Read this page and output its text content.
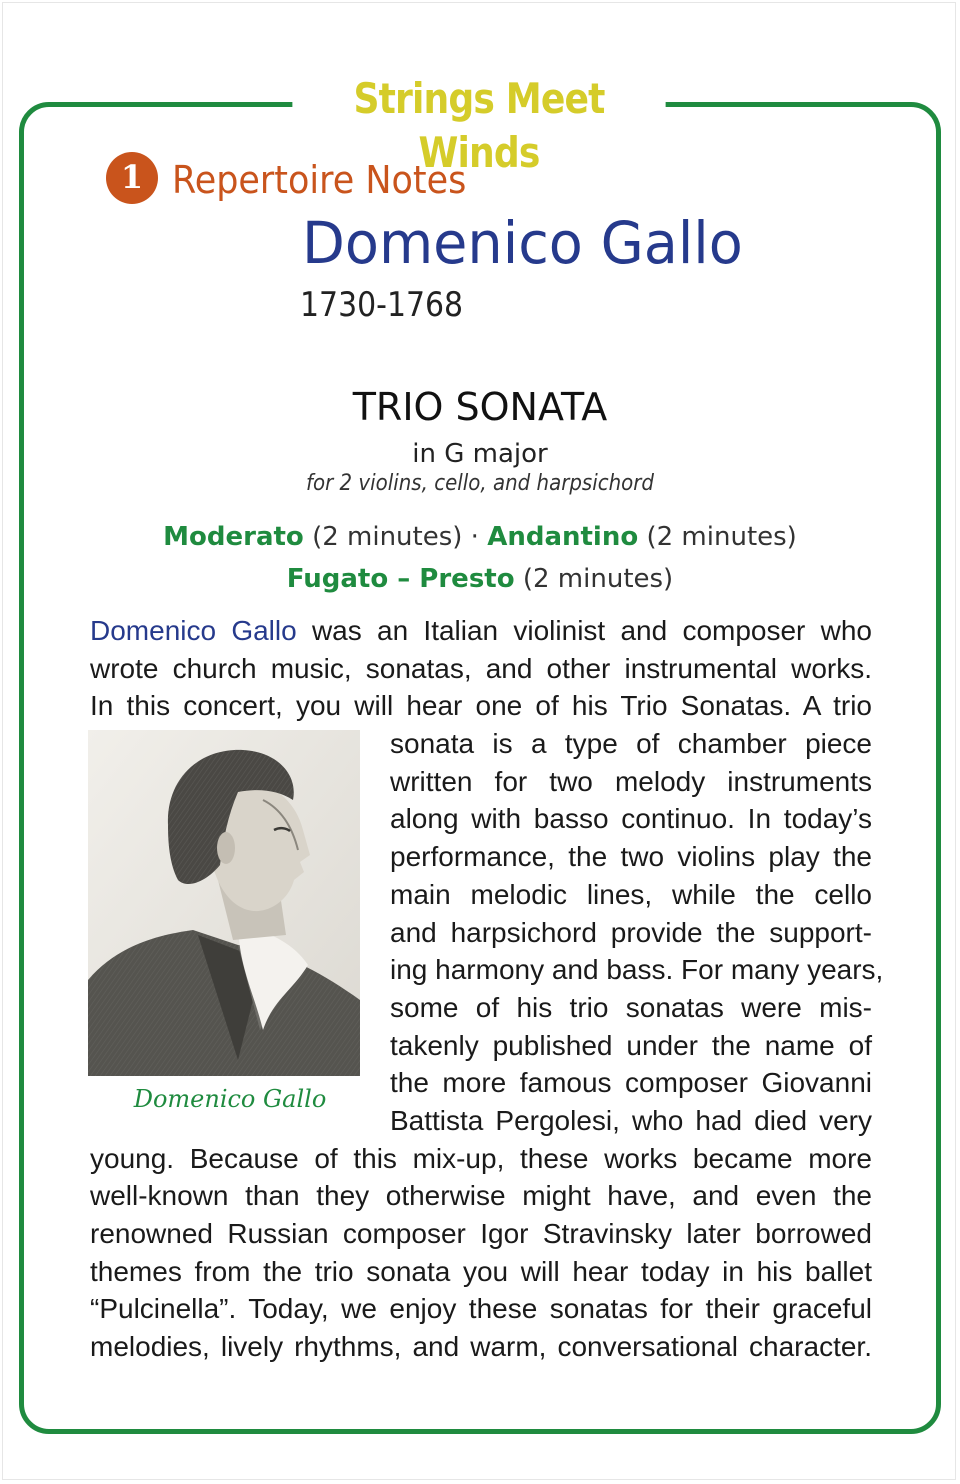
Strings Meet Winds
1 Repertoire Notes
Domenico Gallo
1730-1768
TRIO SONATA
in G major
for 2 violins, cello, and harpsichord
Moderato (2 minutes) · Andantino (2 minutes)
Fugato – Presto (2 minutes)
Domenico Gallo was an Italian violinist and composer who
wrote church music, sonatas, and other instrumental works.
In this concert, you will hear one of his Trio Sonatas. A trio
sonata is a type of chamber piece
written for two melody instruments
along with basso continuo. In today’s
performance, the two violins play the
main melodic lines, while the cello
and harpsichord provide the support-
ing harmony and bass. For many years,
some of his trio sonatas were mis-
takenly published under the name of
the more famous composer Giovanni
Battista Pergolesi, who had died very
young. Because of this mix-up, these works became more
well-known than they otherwise might have, and even the
renowned Russian composer Igor Stravinsky later borrowed
themes from the trio sonata you will hear today in his ballet
“Pulcinella”. Today, we enjoy these sonatas for their graceful
melodies, lively rhythms, and warm, conversational character.
Domenico Gallo
